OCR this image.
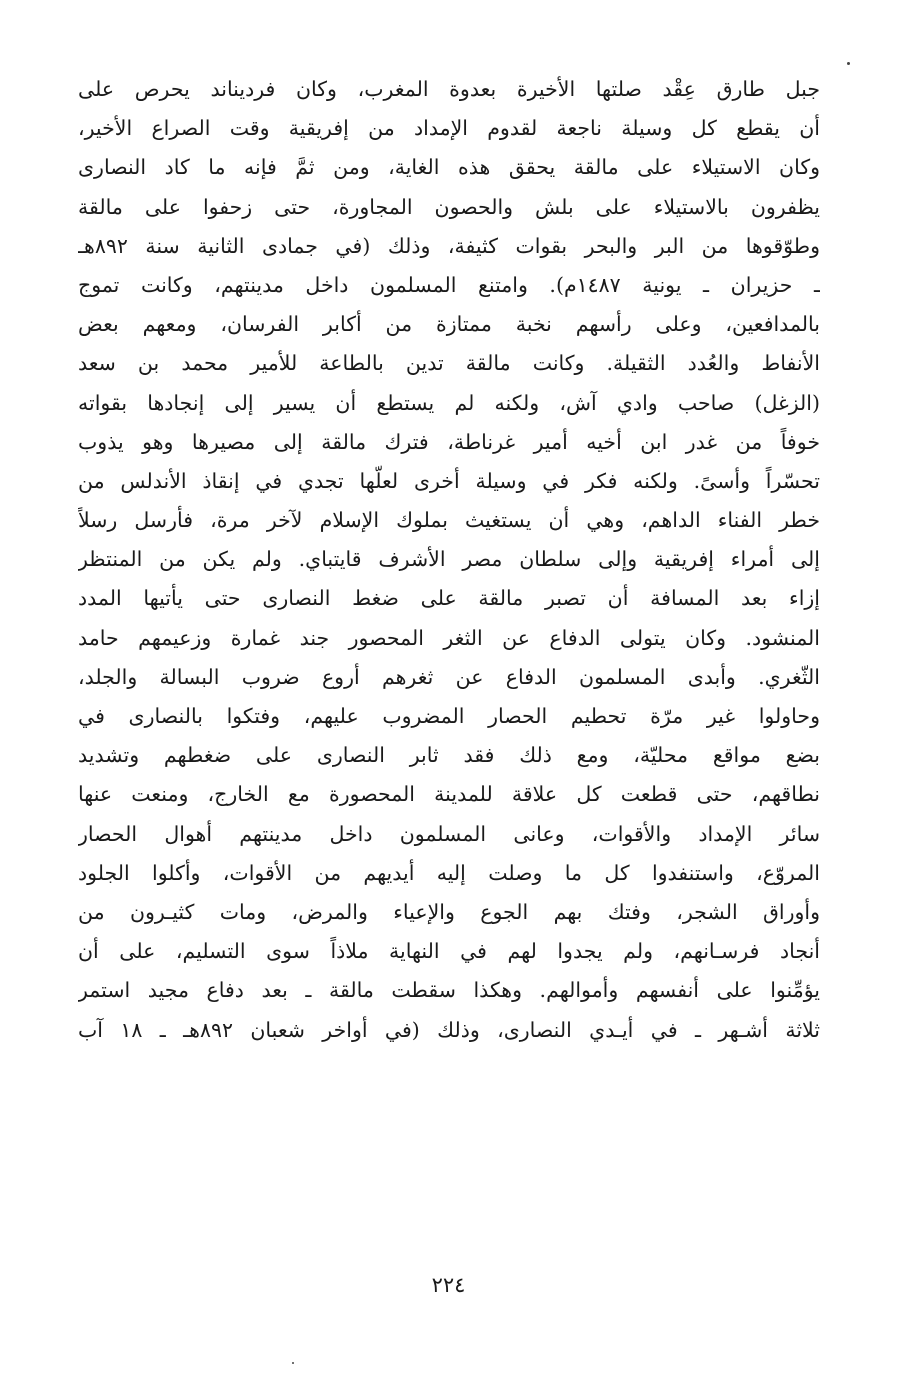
جبل طارق عِقْد صلتها الأخيرة بعدوة المغرب، وكان فرديناند يحرص على
أن يقطع كل وسيلة ناجعة لقدوم الإمداد من إفريقية وقت الصراع الأخير،
وكان الاستيلاء على مالقة يحقق هذه الغاية، ومن ثمَّ فإنه ما كاد النصارى
يظفرون بالاستيلاء على بلش والحصون المجاورة، حتى زحفوا على مالقة
وطوّقوها من البر والبحر بقوات كثيفة، وذلك (في جمادى الثانية سنة ٨٩٢هـ
ـ حزيران ـ يونية ١٤٨٧م). وامتنع المسلمون داخل مدينتهم، وكانت تموج
بالمدافعين، وعلى رأسهم نخبة ممتازة من أكابر الفرسان، ومعهم بعض
الأنفاط والعُدد الثقيلة. وكانت مالقة تدين بالطاعة للأمير محمد بن سعد
(الزغل) صاحب وادي آش، ولكنه لم يستطع أن يسير إلى إنجادها بقواته
خوفاً من غدر ابن أخيه أمير غرناطة، فترك مالقة إلى مصيرها وهو يذوب
تحسّراً وأسىً. ولكنه فكر في وسيلة أخرى لعلّها تجدي في إنقاذ الأندلس من
خطر الفناء الداهم، وهي أن يستغيث بملوك الإسلام لآخر مرة، فأرسل رسلاً
إلى أمراء إفريقية وإلى سلطان مصر الأشرف قايتباي. ولم يكن من المنتظر
إزاء بعد المسافة أن تصبر مالقة على ضغط النصارى حتى يأتيها المدد
المنشود. وكان يتولى الدفاع عن الثغر المحصور جند غمارة وزعيمهم حامد
الثّغري. وأبدى المسلمون الدفاع عن ثغرهم أروع ضروب البسالة والجلد،
وحاولوا غير مرّة تحطيم الحصار المضروب عليهم، وفتكوا بالنصارى في
بضع مواقع محليّة، ومع ذلك فقد ثابر النصارى على ضغطهم وتشديد
نطاقهم، حتى قطعت كل علاقة للمدينة المحصورة مع الخارج، ومنعت عنها
سائر الإمداد والأقوات، وعانى المسلمون داخل مدينتهم أهوال الحصار
المروّع، واستنفدوا كل ما وصلت إليه أيديهم من الأقوات، وأكلوا الجلود
وأوراق الشجر، وفتك بهم الجوع والإعياء والمرض، ومات كثيـرون من
أنجاد فرسـانهم، ولم يجدوا لهم في النهاية ملاذاً سوى التسليم، على أن
يؤمِّنوا على أنفسهم وأموالهم. وهكذا سقطت مالقة ـ بعد دفاع مجيد استمر
ثلاثة أشـهر ـ في أيـدي النصارى، وذلك (في أواخر شعبان ٨٩٢هـ ـ ١٨ آب
٢٢٤
